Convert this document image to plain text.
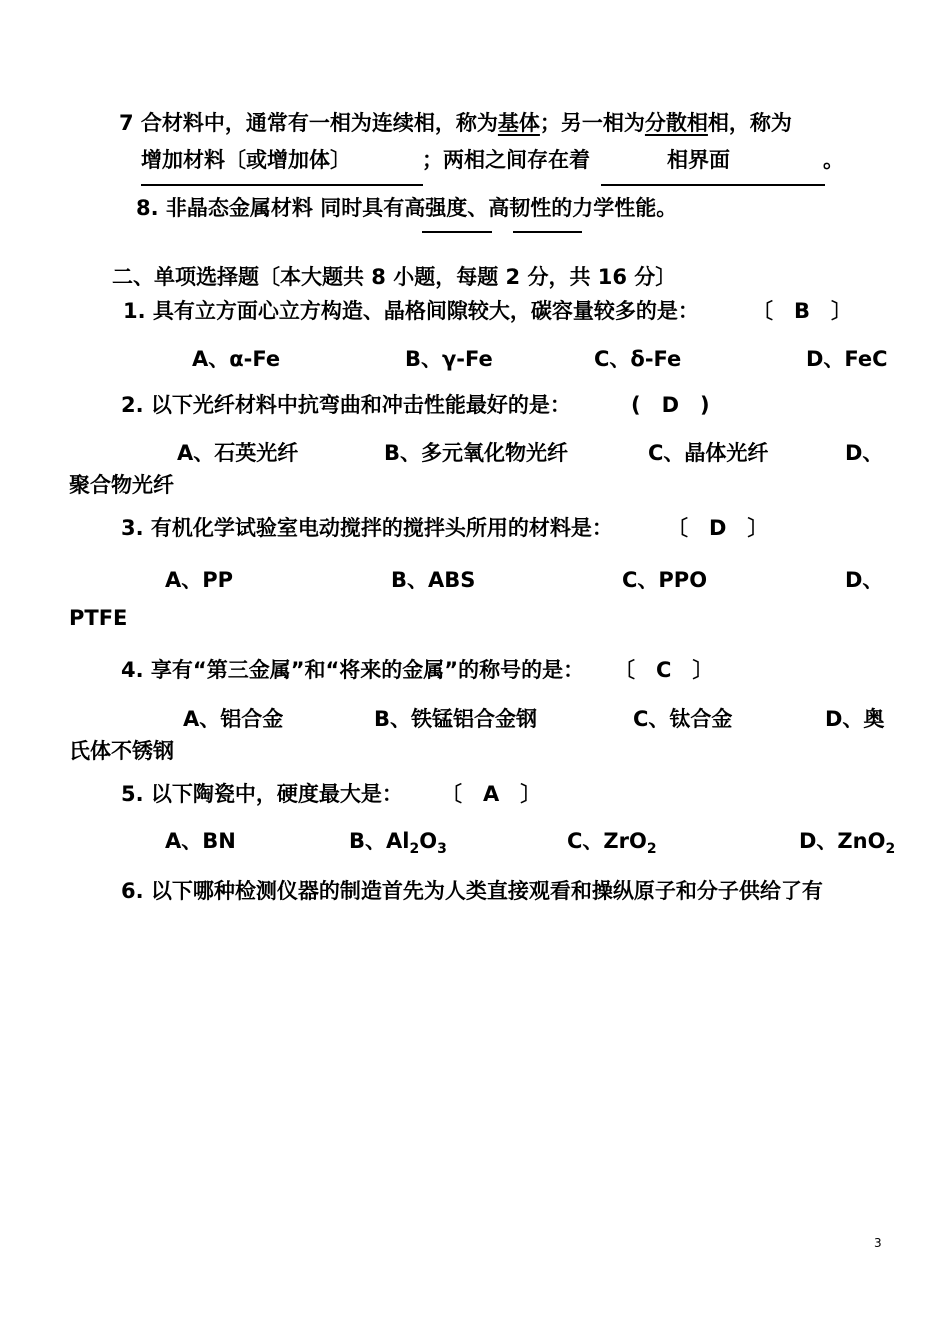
7 合材料中，通常有一相为连续相，称为基体；另一相为分散相相，称为
增加材料〔或增加体〕	；两相之间存在着	相界面	。
8. 非晶态金属材料 同时具有高强度、高韧性的力学性能。
二、单项选择题〔本大题共 8 小题，每题 2 分，共 16 分〕
1. 具有立方面心立方构造、晶格间隙较大，碳容量较多的是：	〔　B　〕
A、α-Fe	B、γ-Fe	C、δ-Fe	D、FeC
2. 以下光纤材料中抗弯曲和冲击性能最好的是：	(　D　)
A、石英光纤	B、多元氧化物光纤	C、晶体光纤	D、
聚合物光纤
3. 有机化学试验室电动搅拌的搅拌头所用的材料是：	〔　D　〕
A、PP	B、ABS	C、PPO	D、
PTFE
4. 享有“第三金属”和“将来的金属”的称号的是： 〔　C　〕
A、铝合金	B、铁锰铝合金钢	C、钛合金	D、奥
氏体不锈钢
5. 以下陶瓷中，硬度最大是： 〔　A　〕
A、BN	B、$Al_2O_3$	C、ZrO$_2$	D、ZnO$_2$
6. 以下哪种检测仪器的制造首先为人类直接观看和操纵原子和分子供给了有
3
